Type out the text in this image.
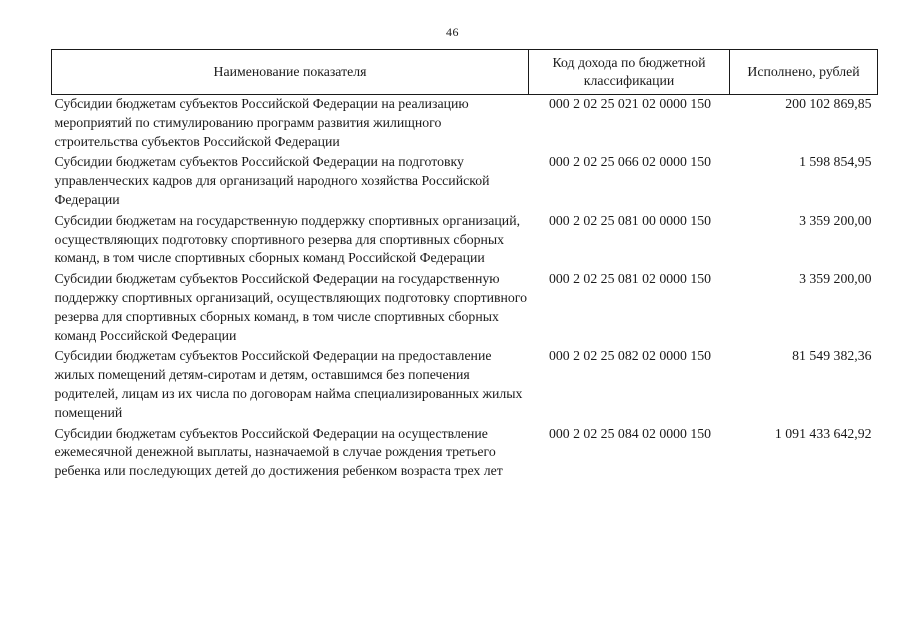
46
Наименование показателя	Код дохода по бюджетной классификации	Исполнено, рублей
Субсидии бюджетам субъектов Российской Федерации на реализацию мероприятий по стимулированию программ развития жилищного строительства субъектов Российской Федерации	000 2 02 25 021 02 0000 150	200 102 869,85
Субсидии бюджетам субъектов Российской Федерации на подготовку управленческих кадров для организаций народного хозяйства Российской Федерации	000 2 02 25 066 02 0000 150	1 598 854,95
Субсидии бюджетам на государственную поддержку спортивных организаций, осуществляющих подготовку спортивного резерва для спортивных сборных команд, в том числе спортивных сборных команд Российской Федерации	000 2 02 25 081 00 0000 150	3 359 200,00
Субсидии бюджетам субъектов Российской Федерации на государственную поддержку спортивных организаций, осуществляющих подготовку спортивного резерва для спортивных сборных команд, в том числе спортивных сборных команд Российской Федерации	000 2 02 25 081 02 0000 150	3 359 200,00
Субсидии бюджетам субъектов Российской Федерации на предоставление жилых помещений детям-сиротам и детям, оставшимся без попечения родителей, лицам из их числа по договорам найма специализированных жилых помещений	000 2 02 25 082 02 0000 150	81 549 382,36
Субсидии бюджетам субъектов Российской Федерации на осуществление ежемесячной денежной выплаты, назначаемой в случае рождения третьего ребенка или последующих детей до достижения ребенком возраста трех лет	000 2 02 25 084 02 0000 150	1 091 433 642,92
